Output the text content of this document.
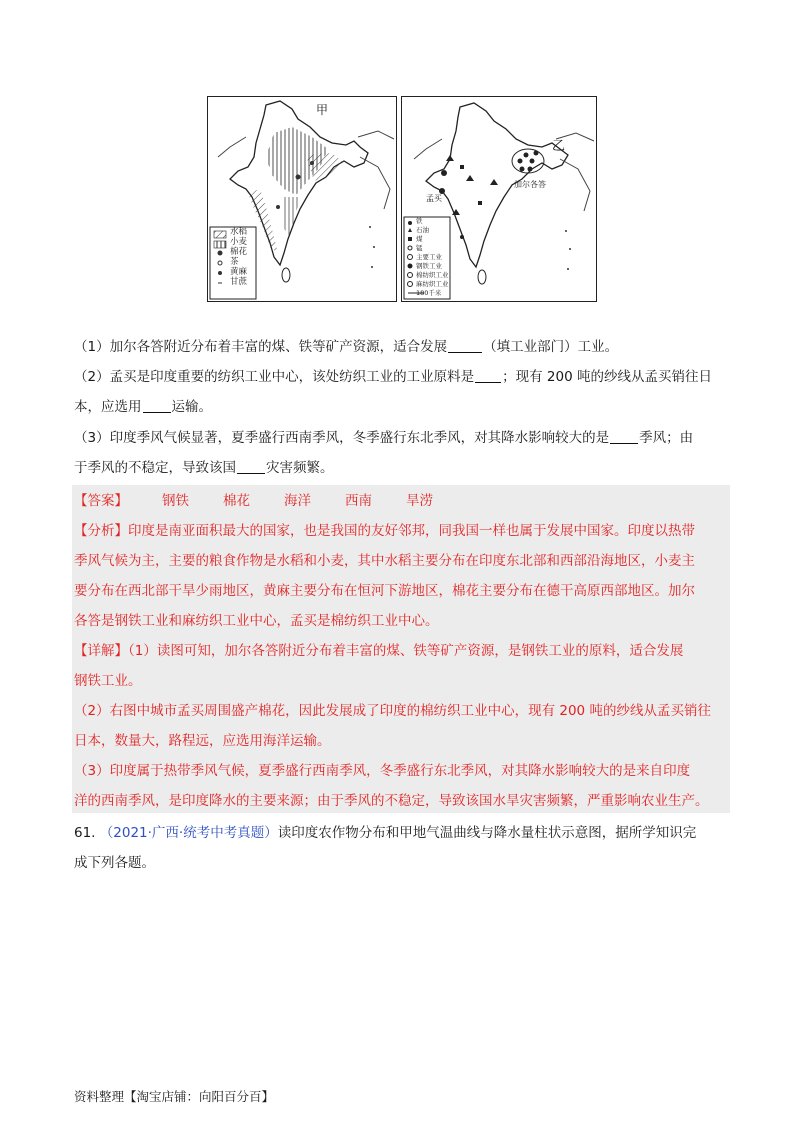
甲
水稻
小麦
棉花
茶
黄麻
甘蔗
乙
孟买
加尔各答
铁
石油
煤
锰
主要工业
钢铁工业
棉纺织工业
麻纺织工业
180千米
（1）加尔各答附近分布着丰富的煤、铁等矿产资源，适合发展	（填工业部门）工业。
（2）孟买是印度重要的纺织工业中心，该处纺织工业的工业原料是 ；现有 200 吨的纱线从孟买销往日
本，应选用 运输。
（3）印度季风气候显著，夏季盛行西南季风，冬季盛行东北季风，对其降水影响较大的是 季风；由
于季风的不稳定，导致该国 灾害频繁。
【答案】	钢铁	棉花	海洋	西南	旱涝
【分析】印度是南亚面积最大的国家，也是我国的友好邻邦，同我国一样也属于发展中国家。印度以热带
季风气候为主，主要的粮食作物是水稻和小麦，其中水稻主要分布在印度东北部和西部沿海地区，小麦主
要分布在西北部干旱少雨地区，黄麻主要分布在恒河下游地区，棉花主要分布在德干高原西部地区。加尔
各答是钢铁工业和麻纺织工业中心，孟买是棉纺织工业中心。
【详解】（1）读图可知，加尔各答附近分布着丰富的煤、铁等矿产资源，是钢铁工业的原料，适合发展
钢铁工业。
（2）右图中城市孟买周围盛产棉花，因此发展成了印度的棉纺织工业中心，现有 200 吨的纱线从孟买销往
日本，数量大，路程远，应选用海洋运输。
（3）印度属于热带季风气候，夏季盛行西南季风，冬季盛行东北季风，对其降水影响较大的是来自印度
洋的西南季风，是印度降水的主要来源；由于季风的不稳定，导致该国水旱灾害频繁，严重影响农业生产。
61. （2021·广西·统考中考真题）读印度农作物分布和甲地气温曲线与降水量柱状示意图，据所学知识完
成下列各题。
资料整理【淘宝店铺：向阳百分百】
